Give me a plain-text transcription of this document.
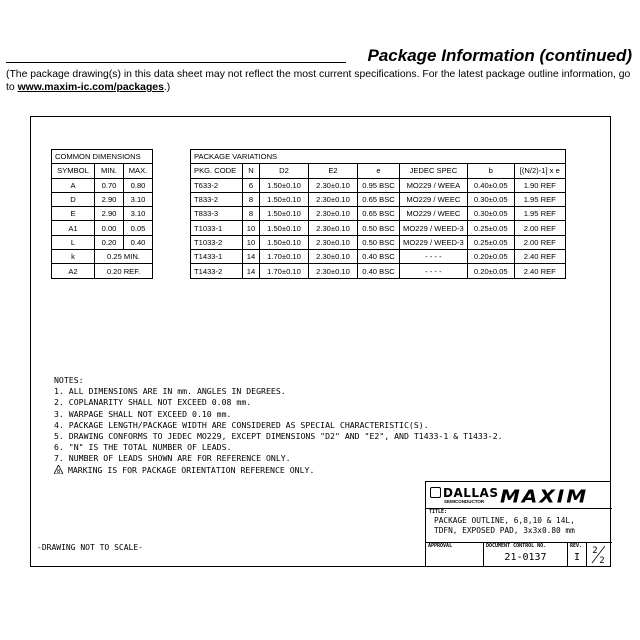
Package Information (continued)
(The package drawing(s) in this data sheet may not reflect the most current specifications. For the latest package outline information, go to www.maxim-ic.com/packages.)
COMMON DIMENSIONS		
SYMBOL	MIN.	MAX.
A	0.70	0.80
D	2.90	3.10
E	2.90	3.10
A1	0.00	0.05
L	0.20	0.40
k	0.25 MIN.	
A2	0.20 REF.	
PACKAGE VARIATIONS							
PKG. CODE	N	D2	E2	e	JEDEC SPEC	b	[(N/2)-1] x e
T633-2	6	1.50±0.10	2.30±0.10	0.95 BSC	MO229 / WEEA	0.40±0.05	1.90 REF
T833-2	8	1.50±0.10	2.30±0.10	0.65 BSC	MO229 / WEEC	0.30±0.05	1.95 REF
T833-3	8	1.50±0.10	2.30±0.10	0.65 BSC	MO229 / WEEC	0.30±0.05	1.95 REF
T1033-1	10	1.50±0.10	2.30±0.10	0.50 BSC	MO229 / WEED-3	0.25±0.05	2.00 REF
T1033-2	10	1.50±0.10	2.30±0.10	0.50 BSC	MO229 / WEED-3	0.25±0.05	2.00 REF
T1433-1	14	1.70±0.10	2.30±0.10	0.40 BSC	- - - -	0.20±0.05	2.40 REF
T1433-2	14	1.70±0.10	2.30±0.10	0.40 BSC	- - - -	0.20±0.05	2.40 REF
NOTES:
1. ALL DIMENSIONS ARE IN mm. ANGLES IN DEGREES.
2. COPLANARITY SHALL NOT EXCEED 0.08 mm.
3. WARPAGE SHALL NOT EXCEED 0.10 mm.
4. PACKAGE LENGTH/PACKAGE WIDTH ARE CONSIDERED AS SPECIAL CHARACTERISTIC(S).
5. DRAWING CONFORMS TO JEDEC MO229, EXCEPT DIMENSIONS "D2" AND "E2", AND T1433-1 & T1433-2.
6. "N" IS THE TOTAL NUMBER OF LEADS.
7. NUMBER OF LEADS SHOWN ARE FOR REFERENCE ONLY.
8 MARKING IS FOR PACKAGE ORIENTATION REFERENCE ONLY.
-DRAWING NOT TO SCALE-
DALLAS
SEMICONDUCTOR MAXIM
TITLE:
PACKAGE OUTLINE, 6,8,10 & 14L,
TDFN, EXPOSED PAD, 3x3x0.80 mm
APPROVAL	DOCUMENT CONTROL NO.
21-0137
REV.
I
2
2
